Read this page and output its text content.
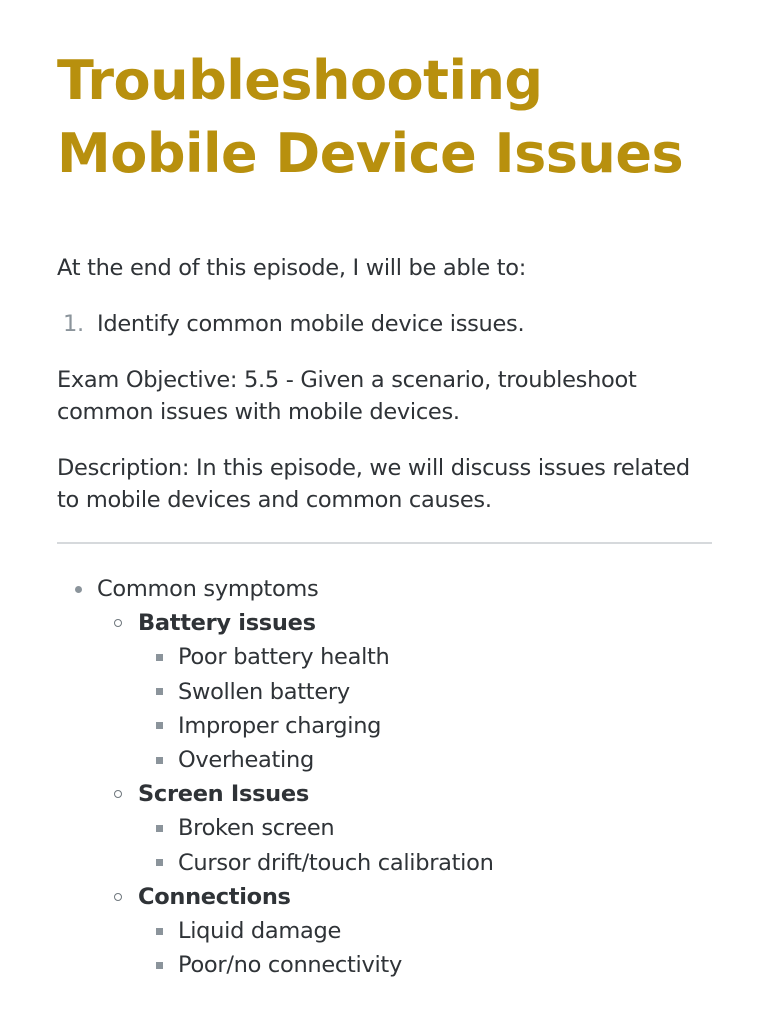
Troubleshooting Mobile Device Issues

At the end of this episode, I will be able to:

1. Identify common mobile device issues.

Exam Objective: 5.5 - Given a scenario, troubleshoot common issues with mobile devices.

Description: In this episode, we will discuss issues related to mobile devices and common causes.

Common symptoms
Battery issues
Poor battery health
Swollen battery
Improper charging
Overheating
Screen Issues
Broken screen
Cursor drift/touch calibration
Connections
Liquid damage
Poor/no connectivity
